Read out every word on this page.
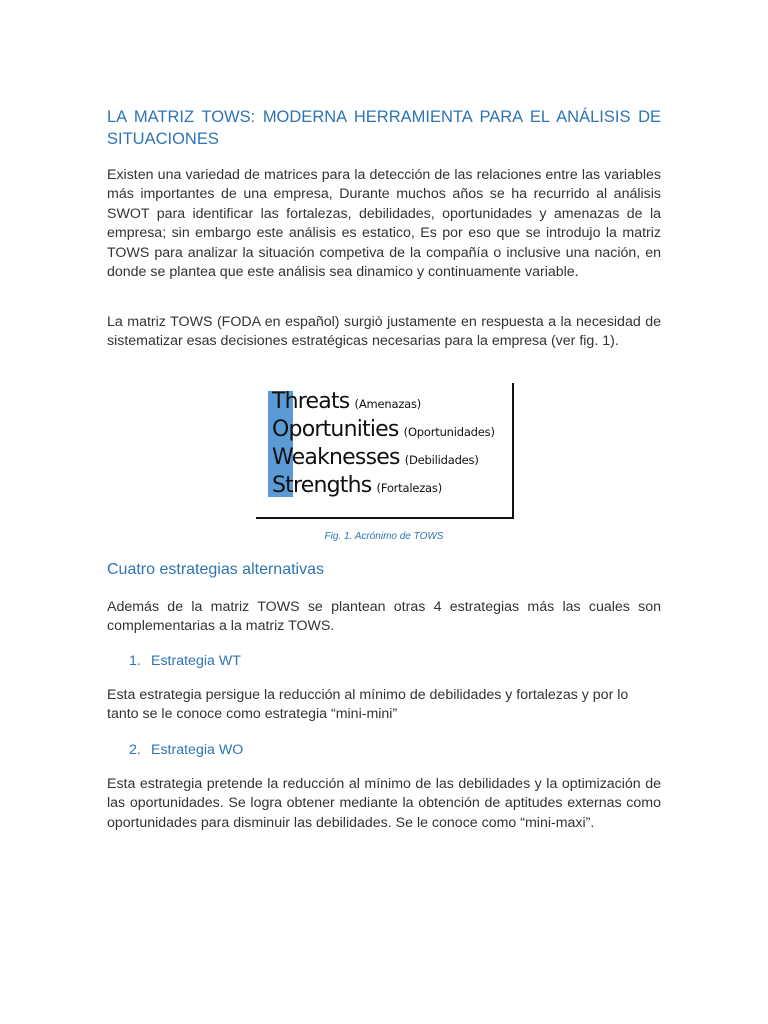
LA MATRIZ TOWS: MODERNA HERRAMIENTA PARA EL ANÁLISIS DE SITUACIONES

Existen una variedad de matrices para la detección de las relaciones entre las variables más importantes de una empresa, Durante muchos años se ha recurrido al análisis SWOT para identificar las fortalezas, debilidades, oportunidades y amenazas de la empresa; sin embargo este análisis es estatico, Es por eso que se introdujo la matriz TOWS para analizar la situación competiva de la compañía o inclusive una nación, en donde se plantea que este análisis sea dinamico y continuamente variable.

La matriz TOWS (FODA en español) surgiò justamente en respuesta a la necesidad de sistematizar esas decisiones estratégicas necesarias para la empresa (ver fig. 1).

Cuatro estrategias alternativas

Además de la matriz TOWS se plantean otras 4 estrategias más las cuales son complementarias a la matriz TOWS.

1. Estrategia WT

Esta estrategia persigue la reducción al mínimo de debilidades y fortalezas y por lo tanto se le conoce como estrategia “mini-mini”

2. Estrategia WO

Esta estrategia pretende la reducción al mínimo de las debilidades y la optimización de las oportunidades. Se logra obtener mediante la obtención de aptitudes externas como oportunidades para disminuir las debilidades. Se le conoce como “mini-maxi”.

Threats (Amenazas)
Oportunities (Oportunidades)
Weaknesses (Debilidades)
Strengths (Fortalezas)
Fig. 1. Acrónimo de TOWS
